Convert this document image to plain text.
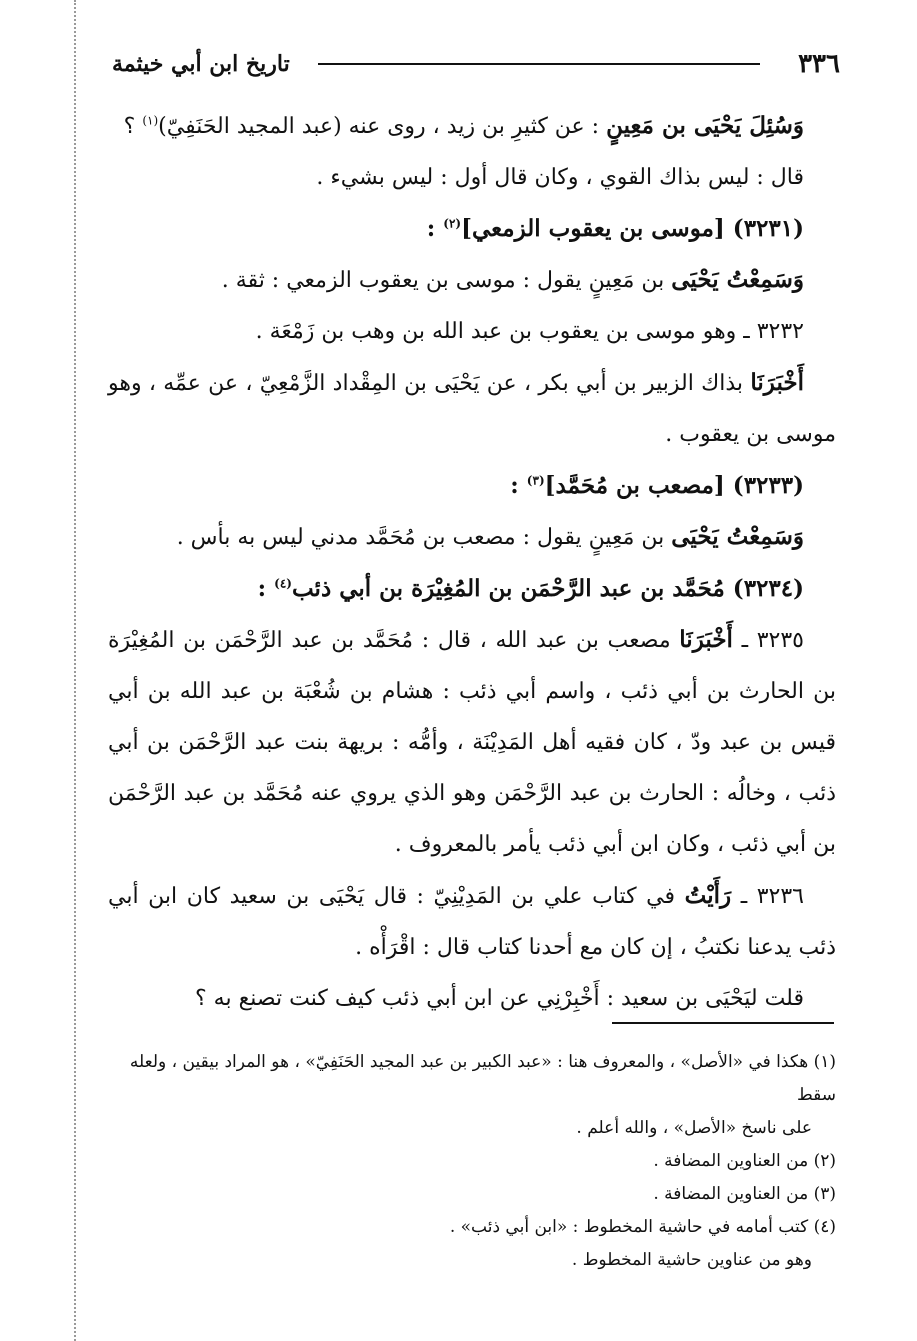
٣٣٦
تاريخ ابن أبي خيثمة

وَسُئِلَ يَحْيَى بن مَعِينٍ : عن كثيرِ بن زيد ، روى عنه (عبد المجيد الحَنَفِيّ)$^{(١)}$ ؟

قال : ليس بذاك القوي ، وكان قال أول : ليس بشيء .

(٣٢٣١) [موسى بن يعقوب الزمعي]$^{(٢)}$ :

وَسَمِعْتُ يَحْيَى بن مَعِينٍ يقول : موسى بن يعقوب الزمعي : ثقة .

٣٢٣٢ ـ وهو موسى بن يعقوب بن عبد الله بن وهب بن زَمْعَة .

أَخْبَرَنَا بذاك الزبير بن أبي بكر ، عن يَحْيَى بن المِقْداد الزَّمْعِيّ ، عن عمِّه ، وهو موسى بن يعقوب .

(٣٢٣٣) [مصعب بن مُحَمَّد]$^{(٣)}$ :

وَسَمِعْتُ يَحْيَى بن مَعِينٍ يقول : مصعب بن مُحَمَّد مدني ليس به بأس .

(٣٢٣٤) مُحَمَّد بن عبد الرَّحْمَن بن المُغِيْرَة بن أبي ذئب$^{(٤)}$ :

٣٢٣٥ ـ أَخْبَرَنَا مصعب بن عبد الله ، قال : مُحَمَّد بن عبد الرَّحْمَن بن المُغِيْرَة بن الحارث بن أبي ذئب ، واسم أبي ذئب : هشام بن شُعْبَة بن عبد الله بن أبي قيس بن عبد ودّ ، كان فقيه أهل المَدِيْنَة ، وأمُّه : بريهة بنت عبد الرَّحْمَن بن أبي ذئب ، وخالُه : الحارث بن عبد الرَّحْمَن وهو الذي يروي عنه مُحَمَّد بن عبد الرَّحْمَن بن أبي ذئب ، وكان ابن أبي ذئب يأمر بالمعروف .

٣٢٣٦ ـ رَأَيْتُ في كتاب علي بن المَدِيْنِيّ : قال يَحْيَى بن سعيد كان ابن أبي ذئب يدعنا نكتبُ ، إن كان مع أحدنا كتاب قال : اقْرَأْه .

قلت ليَحْيَى بن سعيد : أَخْبِرْنِي عن ابن أبي ذئب كيف كنت تصنع به ؟

(١) هكذا في «الأصل» ، والمعروف هنا : «عبد الكبير بن عبد المجيد الحَنَفِيّ» ، هو المراد بيقين ، ولعله سقط

على ناسخ «الأصل» ، والله أعلم .

(٢) من العناوين المضافة .

(٣) من العناوين المضافة .

(٤) كتب أمامه في حاشية المخطوط : «ابن أبي ذئب» .

وهو من عناوين حاشية المخطوط .
